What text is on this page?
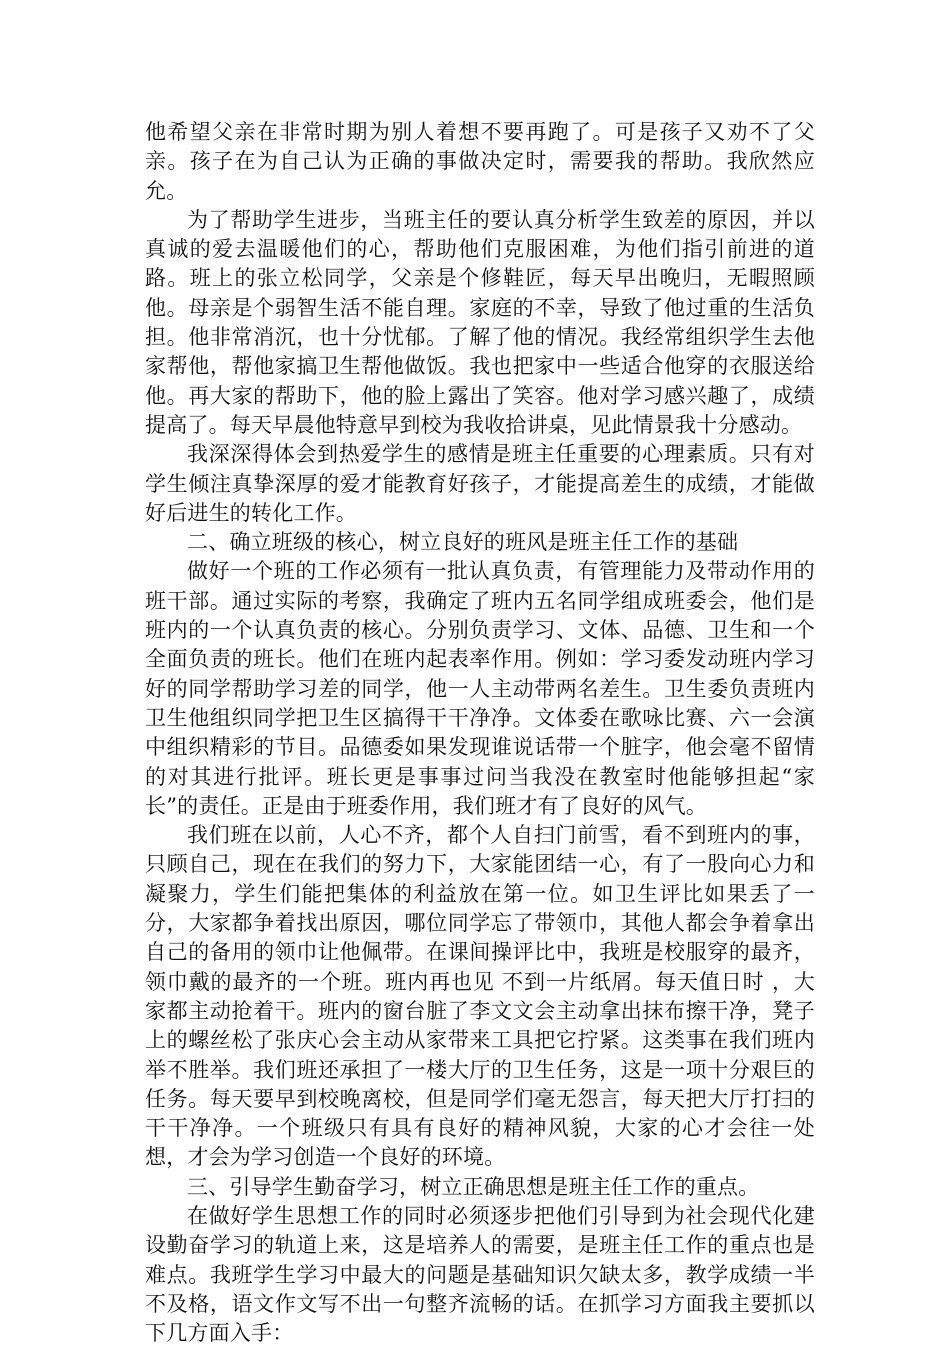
他希望父亲在非常时期为别人着想不要再跑了。可是孩子又劝不了父亲。孩子在为自己认为正确的事做决定时，需要我的帮助。我欣然应允。

为了帮助学生进步，当班主任的要认真分析学生致差的原因，并以真诚的爱去温暖他们的心，帮助他们克服困难，为他们指引前进的道路。班上的张立松同学，父亲是个修鞋匠，每天早出晚归，无暇照顾他。母亲是个弱智生活不能自理。家庭的不幸，导致了他过重的生活负担。他非常消沉，也十分忧郁。了解了他的情况。我经常组织学生去他家帮他，帮他家搞卫生帮他做饭。我也把家中一些适合他穿的衣服送给他。再大家的帮助下，他的脸上露出了笑容。他对学习感兴趣了，成绩提高了。每天早晨他特意早到校为我收拾讲桌，见此情景我十分感动。

我深深得体会到热爱学生的感情是班主任重要的心理素质。只有对学生倾注真挚深厚的爱才能教育好孩子，才能提高差生的成绩，才能做好后进生的转化工作。

二、确立班级的核心，树立良好的班风是班主任工作的基础

做好一个班的工作必须有一批认真负责，有管理能力及带动作用的班干部。通过实际的考察，我确定了班内五名同学组成班委会，他们是班内的一个认真负责的核心。分别负责学习、文体、品德、卫生和一个全面负责的班长。他们在班内起表率作用。例如：学习委发动班内学习好的同学帮助学习差的同学，他一人主动带两名差生。卫生委负责班内卫生他组织同学把卫生区搞得干干净净。文体委在歌咏比赛、六一会演中组织精彩的节目。品德委如果发现谁说话带一个脏字，他会毫不留情的对其进行批评。班长更是事事过问当我没在教室时他能够担起“家长”的责任。正是由于班委作用，我们班才有了良好的风气。

我们班在以前，人心不齐，都个人自扫门前雪，看不到班内的事，只顾自己，现在在我们的努力下，大家能团结一心，有了一股向心力和凝聚力，学生们能把集体的利益放在第一位。如卫生评比如果丢了一分，大家都争着找出原因，哪位同学忘了带领巾，其他人都会争着拿出自己的备用的领巾让他佩带。在课间操评比中，我班是校服穿的最齐，领巾戴的最齐的一个班。班内再也见 不到一片纸屑。每天值日时 ，大家都主动抢着干。班内的窗台脏了李文文会主动拿出抹布擦干净，凳子上的螺丝松了张庆心会主动从家带来工具把它拧紧。这类事在我们班内举不胜举。我们班还承担了一楼大厅的卫生任务，这是一项十分艰巨的任务。每天要早到校晚离校，但是同学们毫无怨言，每天把大厅打扫的干干净净。一个班级只有具有良好的精神风貌，大家的心才会往一处想，才会为学习创造一个良好的环境。

三、引导学生勤奋学习，树立正确思想是班主任工作的重点。

在做好学生思想工作的同时必须逐步把他们引导到为社会现代化建设勤奋学习的轨道上来，这是培养人的需要，是班主任工作的重点也是难点。我班学生学习中最大的问题是基础知识欠缺太多，教学成绩一半不及格，语文作文写不出一句整齐流畅的话。在抓学习方面我主要抓以下几方面入手：
